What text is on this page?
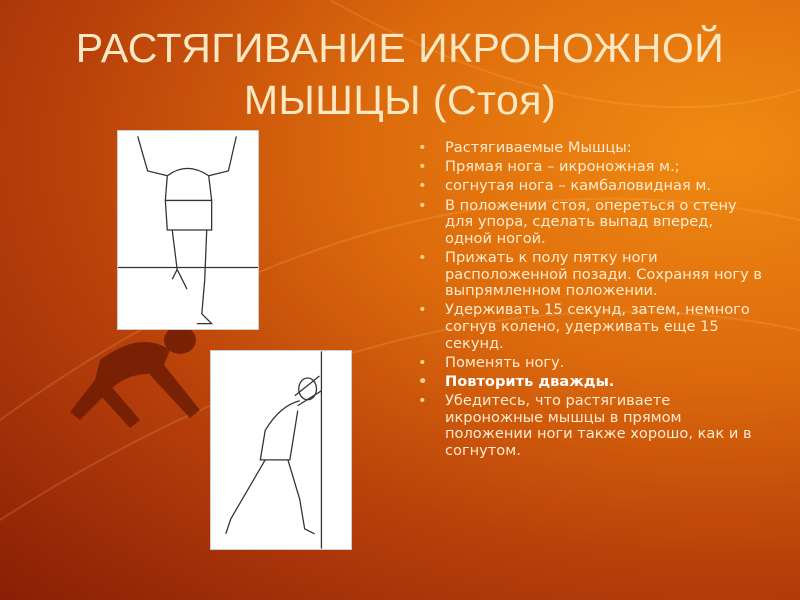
РАСТЯГИВАНИЕ ИКРОНОЖНОЙ
МЫШЦЫ (Стоя)
• Растягиваемые Мышцы:
• Прямая нога – икроножная м.;
• согнутая нога – камбаловидная м.
• В положении стоя, опереться о стену для упора, сделать выпад вперед, одной ногой.
• Прижать к полу пятку ноги расположенной позади. Сохраняя ногу в выпрямленном положении.
• Удерживать 15 секунд, затем, немного согнув колено, удерживать еще 15 секунд.
• Поменять ногу.
• Повторить дважды.
• Убедитесь, что растягиваете икроножные мышцы в прямом положении ноги также хорошо, как и в согнутом.
